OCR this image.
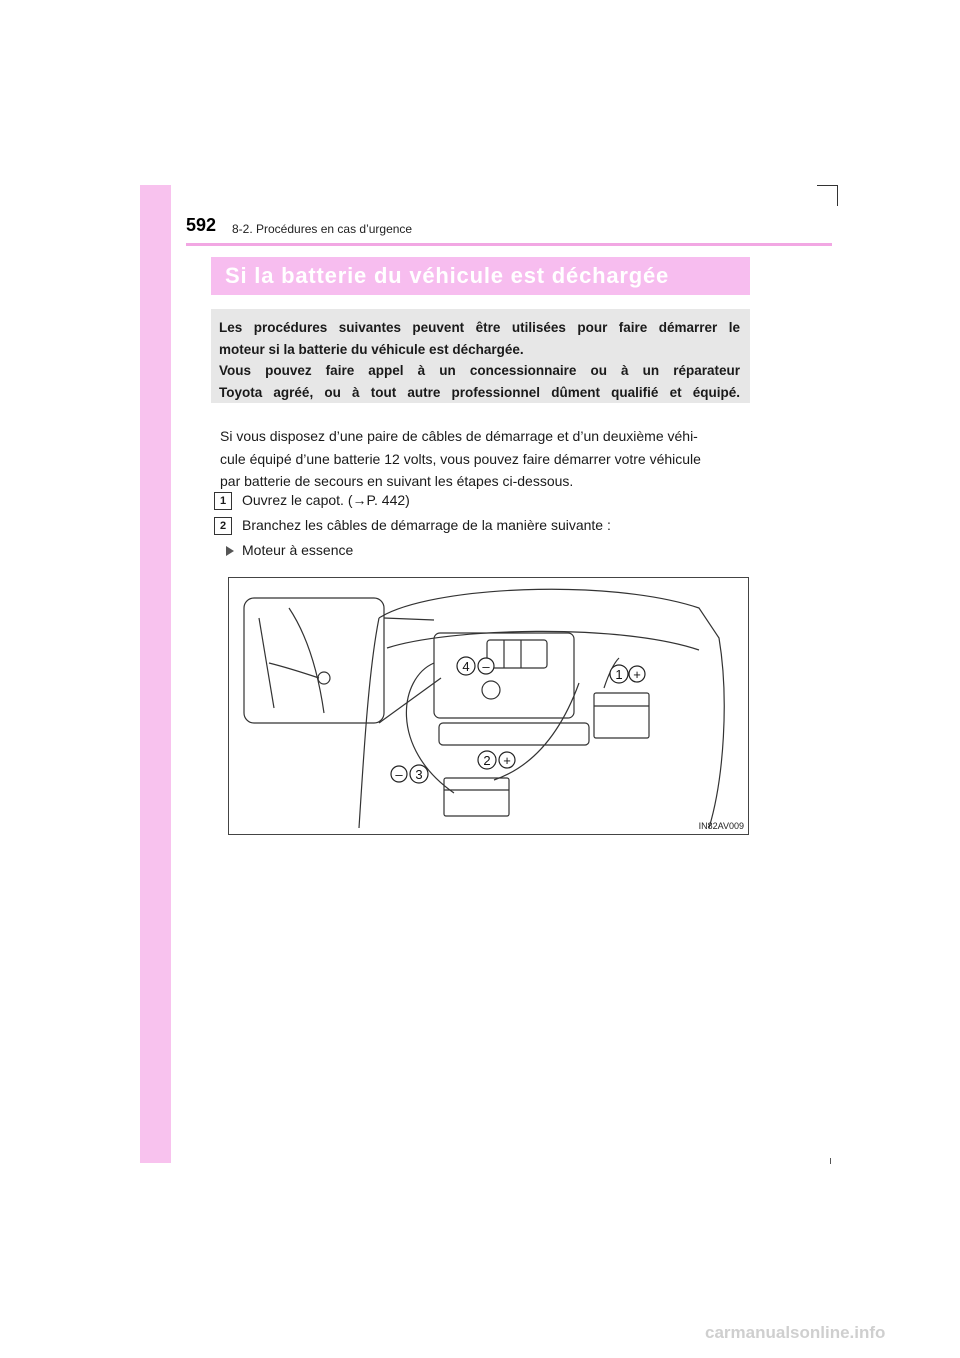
592 8-2. Procédures en cas d’urgence
Si la batterie du véhicule est déchargée
Les procédures suivantes peuvent être utilisées pour faire démarrer le
moteur si la batterie du véhicule est déchargée.
Vous pouvez faire appel à un concessionnaire ou à un réparateur
Toyota agréé, ou à tout autre professionnel dûment qualifié et équipé.
Si vous disposez d’une paire de câbles de démarrage et d’un deuxième véhi-
cule équipé d’une batterie 12 volts, vous pouvez faire démarrer votre véhicule
par batterie de secours en suivant les étapes ci-dessous.
1	Ouvrez le capot. (→P. 442)
2	Branchez les câbles de démarrage de la manière suivante :
Moteur à essence
1 +
2 +
3
–
4 –
IN82AV009
carmanualsonline.info
